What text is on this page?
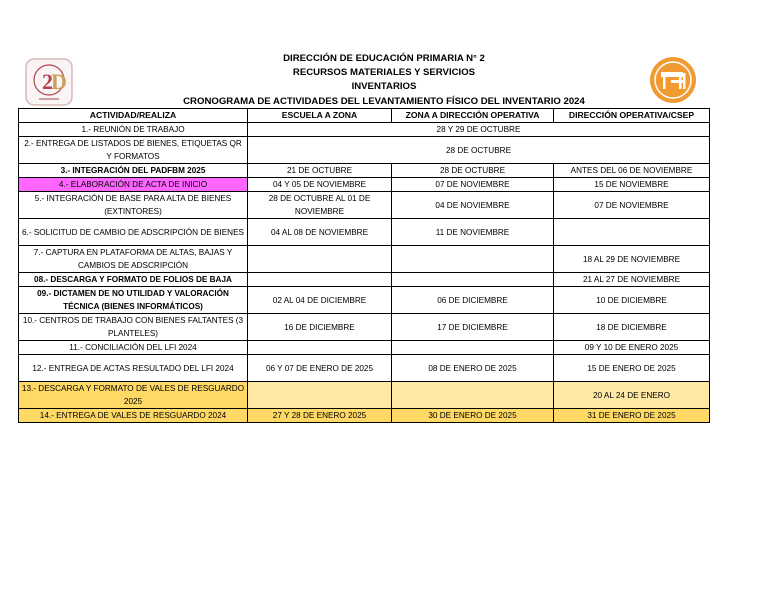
2
D
DIRECCIÓN DE EDUCACIÓN PRIMARIA N° 2
RECURSOS MATERIALES Y SERVICIOS
INVENTARIOS
CRONOGRAMA DE ACTIVIDADES DEL LEVANTAMIENTO FÍSICO DEL INVENTARIO 2024
ACTIVIDAD/REALIZA	ESCUELA A ZONA	ZONA A DIRECCIÓN OPERATIVA	DIRECCIÓN OPERATIVA/CSEP
1.- REUNIÓN DE TRABAJO	28 Y 29 DE OCTUBRE		
2.- ENTREGA DE LISTADOS DE BIENES, ETIQUETAS QR Y FORMATOS	28 DE OCTUBRE		
3.- INTEGRACIÓN DEL PADFBM 2025	21 DE OCTUBRE	28 DE OCTUBRE	ANTES DEL 06 DE NOVIEMBRE
4.- ELABORACIÓN DE ACTA DE INICIO	04 Y 05 DE NOVIEMBRE	07 DE NOVIEMBRE	15 DE NOVIEMBRE
5.- INTEGRACIÓN DE BASE PARA ALTA DE BIENES (EXTINTORES)	28 DE OCTUBRE AL 01 DE NOVIEMBRE	04 DE NOVIEMBRE	07 DE NOVIEMBRE
6.- SOLICITUD DE CAMBIO DE ADSCRIPCIÓN DE BIENES	04 AL 08 DE NOVIEMBRE	11 DE NOVIEMBRE	
7.- CAPTURA EN PLATAFORMA DE ALTAS, BAJAS Y CAMBIOS DE ADSCRIPCIÓN			18 AL 29 DE NOVIEMBRE
08.- DESCARGA Y FORMATO DE FOLIOS DE BAJA			21 AL 27 DE NOVIEMBRE
09.- DICTAMEN DE NO UTILIDAD Y VALORACIÓN TÉCNICA (BIENES INFORMÁTICOS)	02 AL 04 DE DICIEMBRE	06 DE DICIEMBRE	10 DE DICIEMBRE
10.- CENTROS DE TRABAJO CON BIENES FALTANTES (3 PLANTELES)	16 DE DICIEMBRE	17 DE DICIEMBRE	18 DE DICIEMBRE
11.- CONCILIACIÓN DEL LFI 2024			09 Y 10 DE ENERO 2025
12.- ENTREGA DE ACTAS RESULTADO DEL LFI 2024	06 Y 07 DE ENERO DE 2025	08 DE ENERO DE 2025	15 DE ENERO DE 2025
13.- DESCARGA Y FORMATO DE VALES DE RESGUARDO 2025			20 AL 24 DE ENERO
14.- ENTREGA DE VALES DE RESGUARDO 2024	27 Y 28 DE ENERO 2025	30 DE ENERO DE 2025	31 DE ENERO DE 2025
